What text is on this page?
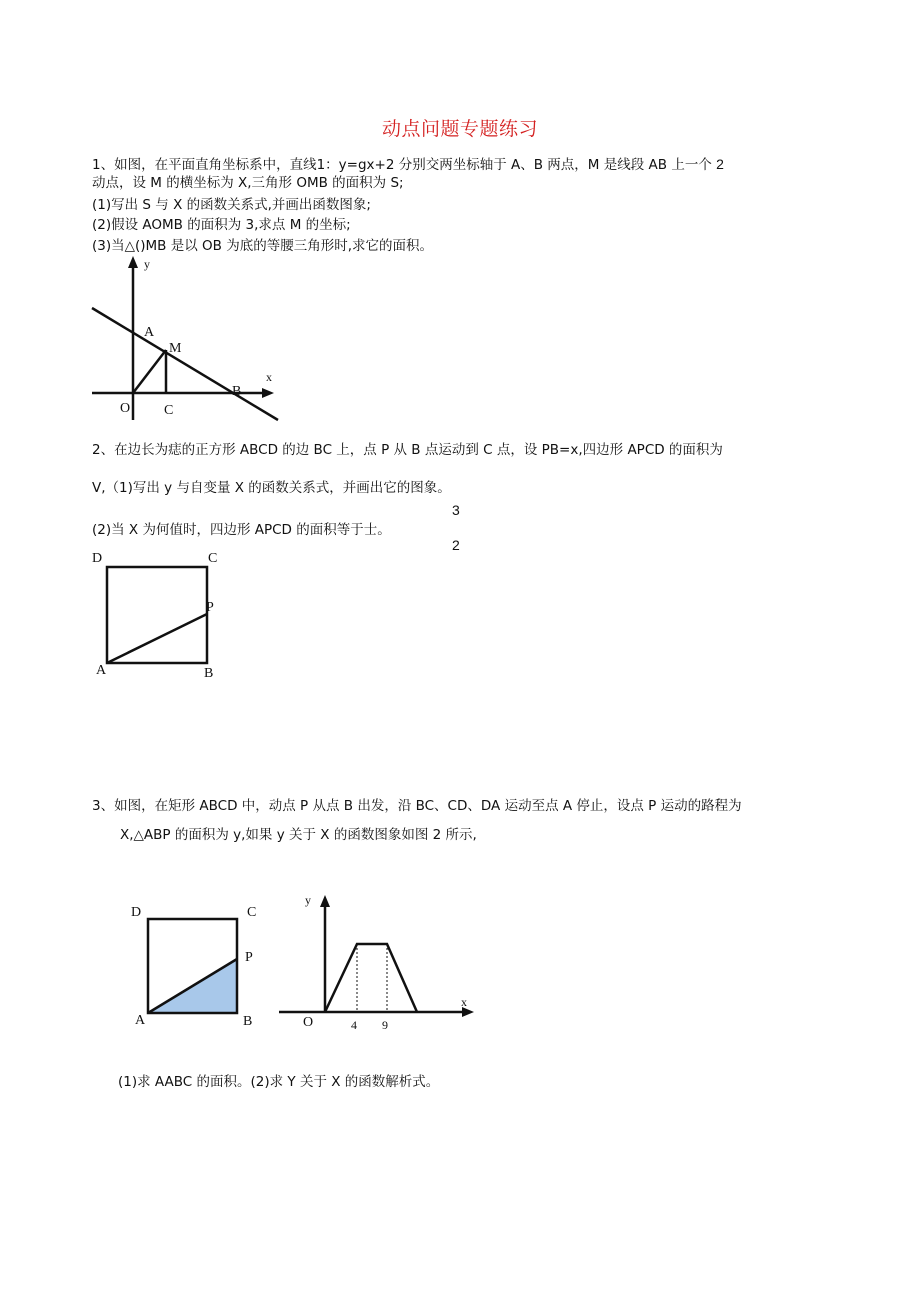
动点问题专题练习
1、如图，在平面直角坐标系中，直线1：y=gx+2 分别交两坐标轴于 A、B 两点，M 是线段 AB 上一个 2
动点，设 M 的横坐标为 X,三角形 OMB 的面积为 S;
(1)写出 S 与 X 的函数关系式,并画出函数图象;
(2)假设 AOMB 的面积为 3,求点 M 的坐标;
(3)当△()MB 是以 OB 为底的等腰三角形时,求它的面积。
y
x
A
M
B
O C
2、在边长为痣的正方形 ABCD 的边 BC 上，点 P 从 B 点运动到 C 点，设 PB=x,四边形 APCD 的面积为
V,（1)写出 y 与自变量 X 的函数关系式，并画出它的图象。
3
(2)当 X 为何值时，四边形 APCD 的面积等于士。
2
D	C
P
A	B
3、如图，在矩形 ABCD 中，动点 P 从点 B 出发，沿 BC、CD、DA 运动至点 A 停止，设点 P 运动的路程为
X,△ABP 的面积为 y,如果 y 关于 X 的函数图象如图 2 所示,
D	C
P
A	B
y
x
O	4 9
(1)求 AABC 的面积。(2)求 Y 关于 X 的函数解析式。
